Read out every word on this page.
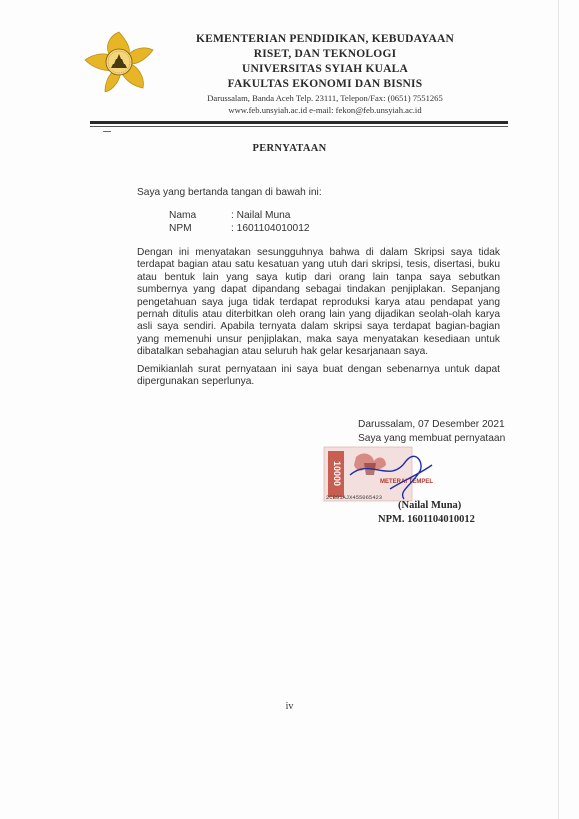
KEMENTERIAN PENDIDIKAN, KEBUDAYAAN
RISET, DAN TEKNOLOGI
UNIVERSITAS SYIAH KUALA
FAKULTAS EKONOMI DAN BISNIS
Darussalam, Banda Aceh Telp. 23111, Telepon/Fax: (0651) 7551265
www.feb.unsyiah.ac.id e-mail: fekon@feb.unsyiah.ac.id
PERNYATAAN
Saya yang bertanda tangan di bawah ini:
Nama	: Nailal Muna
NPM	: 1601104010012
Dengan ini menyatakan sesungguhnya bahwa di dalam Skripsi saya tidak terdapat bagian atau satu kesatuan yang utuh dari skripsi, tesis, disertasi, buku atau bentuk lain yang saya kutip dari orang lain tanpa saya sebutkan sumbernya yang dapat dipandang sebagai tindakan penjiplakan. Sepanjang pengetahuan saya juga tidak terdapat reproduksi karya atau pendapat yang pernah ditulis atau diterbitkan oleh orang lain yang dijadikan seolah-olah karya asli saya sendiri. Apabila ternyata dalam skripsi saya terdapat bagian-bagian yang memenuhi unsur penjiplakan, maka saya menyatakan kesediaan untuk dibatalkan sebahagian atau seluruh hak gelar kesarjanaan saya.
Demikianlah surat pernyataan ini saya buat dengan sebenarnya untuk dapat dipergunakan seperlunya.
Darussalam, 07 Desember 2021
Saya yang membuat pernyataan
10000	METERAI TEMPEL
2CB91AJX455065423
(Nailal Muna)
NPM. 1601104010012
iv
